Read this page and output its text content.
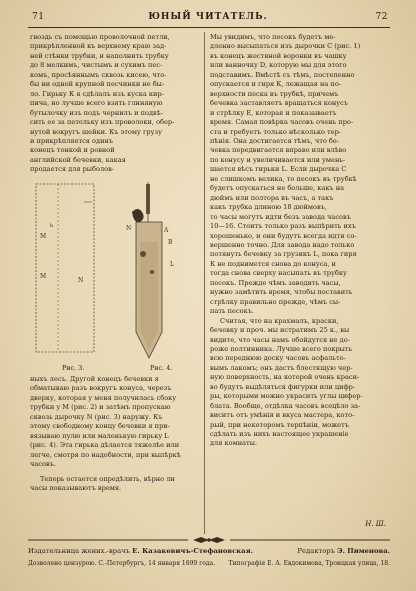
71	ЮНЫЙ ЧИТАТЕЛЬ.	72
гвоздь съ помощью проволочной петли,
прикрѣпленной къ верхнему краю зад-
ней стѣнки трубки, и наполнить трубку
до 8 мелкимъ, чистымъ и сухимъ пес-
комъ, просѣяннымъ сквозь кисею, что-
бы ни одной крупной песчинки не бы-
ло. Гирьку К я сдѣлалъ изъ куска кир-
пича, но лучше всего взять глиняную
бутылочку изъ подъ чернилъ и подвѣ-
сить ее за петельку изъ проволоки, обер-
нутой вокругъ шейки. Къ этому грузу
и прикрѣпляется одинъ
конецъ тонкой и ровной
английской бечевки, какая
продается для рыболов-
M
b
M
N
A
B
L
N
Рис. 3.	Рис. 4.
ныхъ лесъ. Другой конецъ бечевки я
обматываю разъ вокругъ конуса, черезъ
дверку, которая у меня получилась сбоку
трубки у М (рис. 2) и затѣмъ пропускаю
сквозь дырочку N (рис. 3) наружу. Къ
этому свободному концу бечевки я при-
вязываю пулю или маленькую гирьку L
(рис. 4). Эта гирька дѣлается тяжелѣе или
легче, смотря по надобности, при выпѣркѣ
часовъ.
Теперь остается опредѣлить, вѣрно ли
часы показываютъ время.
Мы увидимъ, что песокъ будетъ ме-
дленно высыпаться изъ дырочки С (рис. 1)
въ конецъ жестяной воронки въ чашку
или ванночку D, которую мы для этого
подставимъ. Вмѣстѣ съ тѣмъ, постепенно
опускается и гиря К, лежащая на по-
верхности песка въ трубкѣ, причемъ
бечевка заставляетъ вращаться конусъ
и стрѣлку Е, которая и показываетъ
время. Самая повѣрка часовъ очень про-
ста и требуетъ только нѣсколько тер-
пѣнія. Она достигается тѣмъ, что бе-
чевка передвигается вправо или влѣво
по конусу и увеличивается или умень-
шается вѣсъ гирьки L. Если дырочка С
не слишкомъ велика, то песокъ въ трубкѣ
будетъ опускаться не больше, какъ на
дюймъ или полтора въ часъ, а такъ
какъ трубка длиною 18 дюймовъ,
то часы могутъ идти безъ завода часовъ
10—16. Стоитъ только разъ выпѣрить ихъ
хорошенько, и они будутъ всегда идти со-
вершенно точно. Для завода надо только
потянуть бечевку за грузикъ L, пока гиря
К не поднимется снова до конуса, и
тогда снова сверху насыпать въ трубку
песокъ. Прежде чѣмъ заводить часы,
нужно замѣтить время, чтобы поставить
стрѣлку правильно прежде, чѣмъ сы-
пать песокъ.
Считая, что на крахмалъ, краски,
бечевку и проч. мы истратимъ 25 к., вы
видите, что часы намъ обойдутся не до-
роже полтинника. Лучше всего покрыть
всю переднюю доску часовъ асфальто-
вымъ лакомъ; онъ дастъ блестящую чер-
ную поверхность, на которой очень краси-
во будутъ выдѣляться фигурки или цифр-
ры, которыми можно украсить углы цифер-
блата. Вообще, отдѣлка часовъ всецѣло за-
виситъ отъ умѣнія и вкуса мастера, кото-
рый, при некоторомъ терпѣніи, можетъ
сдѣлать изъ нихъ настоящее украшеніе
для комнаты.
Н. Ш.
Издательница жених.-врачъ Е. Казакевичъ-Стефановская.	Редакторъ Э. Пименова.
Дозволено цензурою. С.-Петербургъ, 14 января 1899 года. Типографія Е. А. Евдокимова, Троицкая улица, 18.
